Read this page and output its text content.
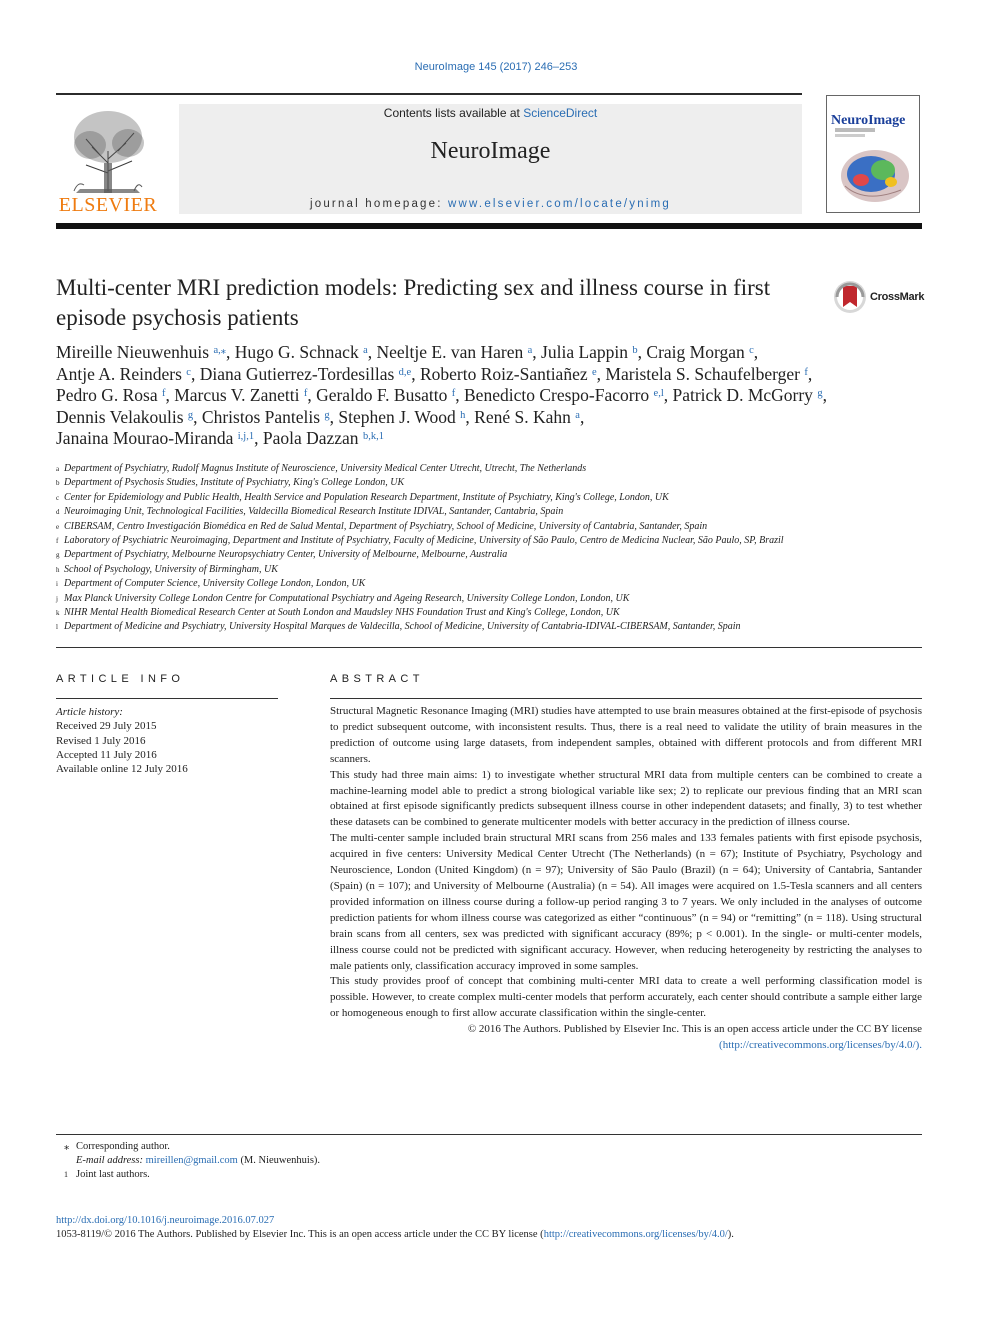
NeuroImage 145 (2017) 246–253
ELSEVIER
Contents lists available at ScienceDirect
NeuroImage
journal homepage: www.elsevier.com/locate/ynimg
NeuroImage
Multi-center MRI prediction models: Predicting sex and illness course in first episode psychosis patients
CrossMark
Mireille Nieuwenhuis $^{a,⁎}$, Hugo G. Schnack $^a$, Neeltje E. van Haren $^a$, Julia Lappin $^b$, Craig Morgan $^c$,
Antje A. Reinders $^c$, Diana Gutierrez-Tordesillas $^{d,e}$, Roberto Roiz-Santiañez $^e$, Maristela S. Schaufelberger $^f$,
Pedro G. Rosa $^f$, Marcus V. Zanetti $^f$, Geraldo F. Busatto $^f$, Benedicto Crespo-Facorro $^{e,l}$, Patrick D. McGorry $^g$,
Dennis Velakoulis $^g$, Christos Pantelis $^g$, Stephen J. Wood $^h$, René S. Kahn $^a$,
Janaina Mourao-Miranda $^{i,j,1}$, Paola Dazzan $^{b,k,1}$
a Department of Psychiatry, Rudolf Magnus Institute of Neuroscience, University Medical Center Utrecht, Utrecht, The Netherlands
b Department of Psychosis Studies, Institute of Psychiatry, King's College London, UK
c Center for Epidemiology and Public Health, Health Service and Population Research Department, Institute of Psychiatry, King's College, London, UK
d Neuroimaging Unit, Technological Facilities, Valdecilla Biomedical Research Institute IDIVAL, Santander, Cantabria, Spain
e CIBERSAM, Centro Investigación Biomédica en Red de Salud Mental, Department of Psychiatry, School of Medicine, University of Cantabria, Santander, Spain
f Laboratory of Psychiatric Neuroimaging, Department and Institute of Psychiatry, Faculty of Medicine, University of São Paulo, Centro de Medicina Nuclear, São Paulo, SP, Brazil
g Department of Psychiatry, Melbourne Neuropsychiatry Center, University of Melbourne, Melbourne, Australia
h School of Psychology, University of Birmingham, UK
i Department of Computer Science, University College London, London, UK
j Max Planck University College London Centre for Computational Psychiatry and Ageing Research, University College London, London, UK
k NIHR Mental Health Biomedical Research Center at South London and Maudsley NHS Foundation Trust and King's College, London, UK
l Department of Medicine and Psychiatry, University Hospital Marques de Valdecilla, School of Medicine, University of Cantabria-IDIVAL-CIBERSAM, Santander, Spain
ARTICLE INFO
Article history:
Received 29 July 2015
Revised 1 July 2016
Accepted 11 July 2016
Available online 12 July 2016
ABSTRACT

Structural Magnetic Resonance Imaging (MRI) studies have attempted to use brain measures obtained at the first-episode of psychosis to predict subsequent outcome, with inconsistent results. Thus, there is a real need to validate the utility of brain measures in the prediction of outcome using large datasets, from independent samples, obtained with different protocols and from different MRI scanners.

This study had three main aims: 1) to investigate whether structural MRI data from multiple centers can be combined to create a machine-learning model able to predict a strong biological variable like sex; 2) to replicate our previous finding that an MRI scan obtained at first episode significantly predicts subsequent illness course in other independent datasets; and finally, 3) to test whether these datasets can be combined to generate multicenter models with better accuracy in the prediction of illness course.

The multi-center sample included brain structural MRI scans from 256 males and 133 females patients with first episode psychosis, acquired in five centers: University Medical Center Utrecht (The Netherlands) (n = 67); Institute of Psychiatry, Psychology and Neuroscience, London (United Kingdom) (n = 97); University of São Paulo (Brazil) (n = 64); University of Cantabria, Santander (Spain) (n = 107); and University of Melbourne (Australia) (n = 54). All images were acquired on 1.5-Tesla scanners and all centers provided information on illness course during a follow-up period ranging 3 to 7 years. We only included in the analyses of outcome prediction patients for whom illness course was categorized as either “continuous” (n = 94) or “remitting” (n = 118). Using structural brain scans from all centers, sex was predicted with significant accuracy (89%; p < 0.001). In the single- or multi-center models, illness course could not be predicted with significant accuracy. However, when reducing heterogeneity by restricting the analyses to male patients only, classification accuracy improved in some samples.

This study provides proof of concept that combining multi-center MRI data to create a well performing classification model is possible. However, to create complex multi-center models that perform accurately, each center should contribute a sample either large or homogeneous enough to first allow accurate classification within the single-center.

© 2016 The Authors. Published by Elsevier Inc. This is an open access article under the CC BY license
(http://creativecommons.org/licenses/by/4.0/).

⁎ Corresponding author.
E-mail address: mireillen@gmail.com (M. Nieuwenhuis).
1 Joint last authors.
http://dx.doi.org/10.1016/j.neuroimage.2016.07.027
1053-8119/© 2016 The Authors. Published by Elsevier Inc. This is an open access article under the CC BY license (http://creativecommons.org/licenses/by/4.0/).
